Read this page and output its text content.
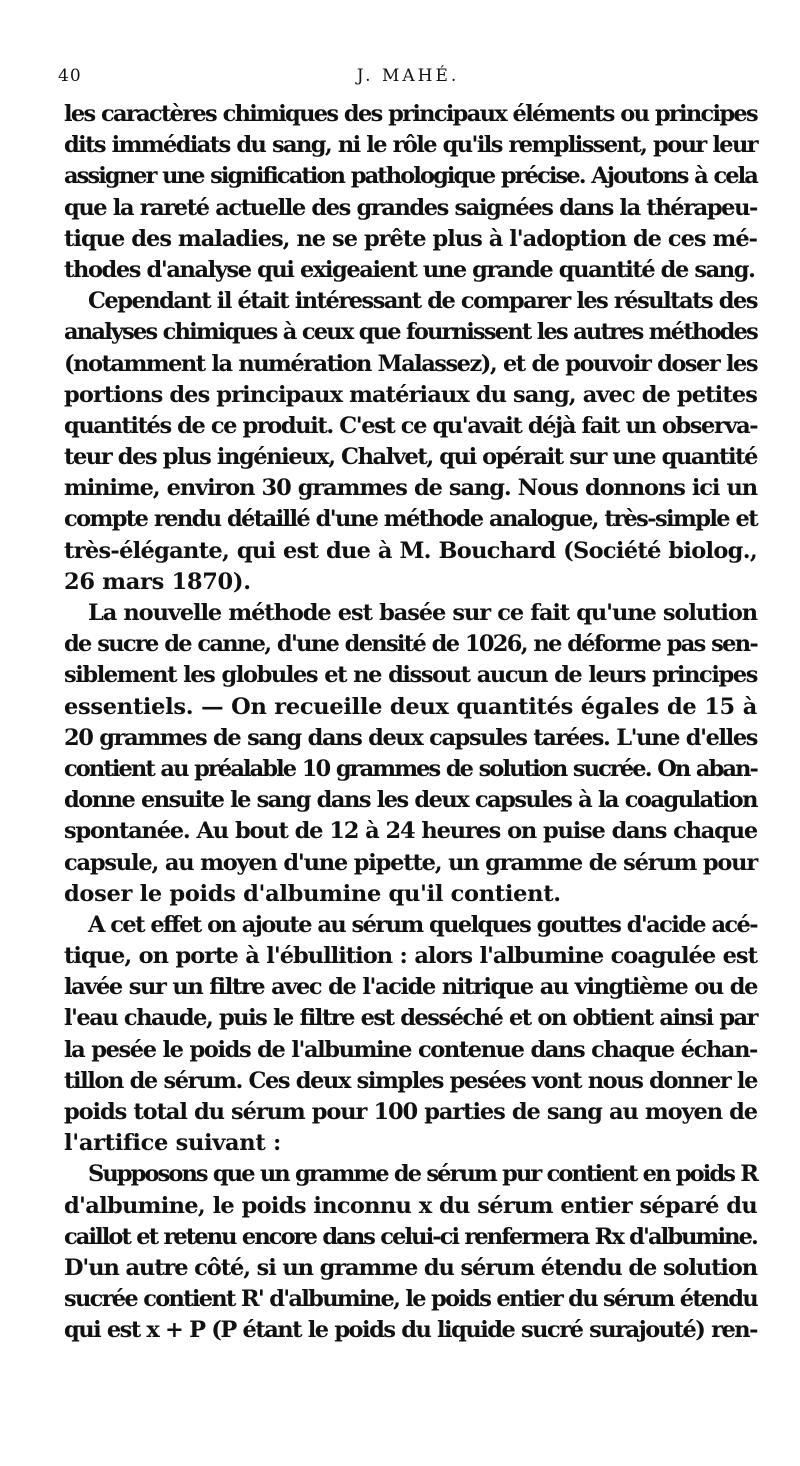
40	J. MAHÉ.
les caractères chimiques des principaux éléments ou principes
dits immédiats du sang, ni le rôle qu'ils remplissent, pour leur
assigner une signification pathologique précise. Ajoutons à cela
que la rareté actuelle des grandes saignées dans la thérapeu-
tique des maladies, ne se prête plus à l'adoption de ces mé-
thodes d'analyse qui exigeaient une grande quantité de sang.
Cependant il était intéressant de comparer les résultats des
analyses chimiques à ceux que fournissent les autres méthodes
(notamment la numération Malassez), et de pouvoir doser les
portions des principaux matériaux du sang, avec de petites
quantités de ce produit. C'est ce qu'avait déjà fait un observa-
teur des plus ingénieux, Chalvet, qui opérait sur une quantité
minime, environ 30 grammes de sang. Nous donnons ici un
compte rendu détaillé d'une méthode analogue, très-simple et
très-élégante, qui est due à M. Bouchard (Société biolog.,
26 mars 1870).
La nouvelle méthode est basée sur ce fait qu'une solution
de sucre de canne, d'une densité de 1026, ne déforme pas sen-
siblement les globules et ne dissout aucun de leurs principes
essentiels. — On recueille deux quantités égales de 15 à
20 grammes de sang dans deux capsules tarées. L'une d'elles
contient au préalable 10 grammes de solution sucrée. On aban-
donne ensuite le sang dans les deux capsules à la coagulation
spontanée. Au bout de 12 à 24 heures on puise dans chaque
capsule, au moyen d'une pipette, un gramme de sérum pour
doser le poids d'albumine qu'il contient.
A cet effet on ajoute au sérum quelques gouttes d'acide acé-
tique, on porte à l'ébullition : alors l'albumine coagulée est
lavée sur un filtre avec de l'acide nitrique au vingtième ou de
l'eau chaude, puis le filtre est desséché et on obtient ainsi par
la pesée le poids de l'albumine contenue dans chaque échan-
tillon de sérum. Ces deux simples pesées vont nous donner le
poids total du sérum pour 100 parties de sang au moyen de
l'artifice suivant :
Supposons que un gramme de sérum pur contient en poids R
d'albumine, le poids inconnu x du sérum entier séparé du
caillot et retenu encore dans celui-ci renfermera Rx d'albumine.
D'un autre côté, si un gramme du sérum étendu de solution
sucrée contient R' d'albumine, le poids entier du sérum étendu
qui est x + P (P étant le poids du liquide sucré surajouté) ren-
